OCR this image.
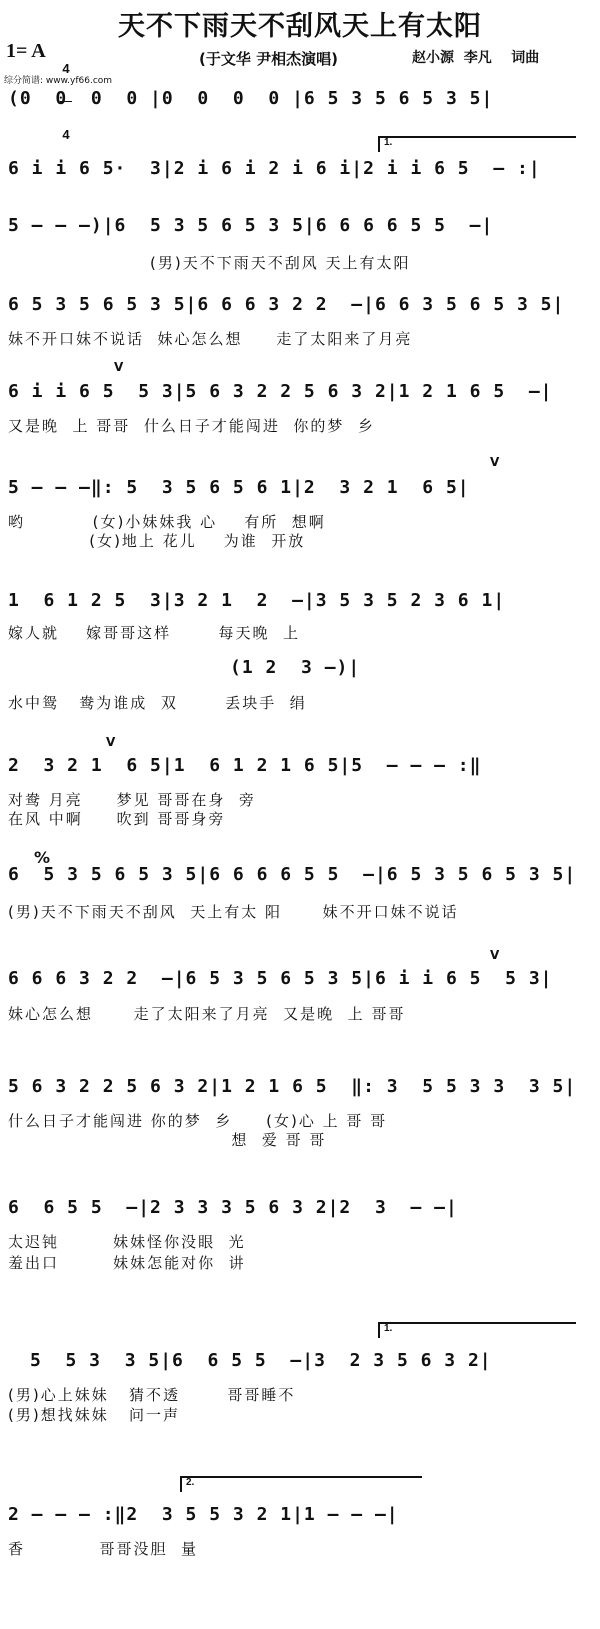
天不下雨天不刮风天上有太阳
1= A

4

4

(于文华 尹相杰演唱)	赵小源  李凡    词曲
综分简谱: www.yf66.com
(0  0  0  0 |0  0  0  0 |6 5 3 5 6 5 3 5|
6 i i 6 5·  3|2 i 6 i 2 i 6 i|2 i i 6 5  — :|
5 — — —)|6  5 3 5 6 5 3 5|6 6 6 6 5 5  —|
(男)天不下雨天不刮风 天上有太阳
6 5 3 5 6 5 3 5|6 6 6 3 2 2  —|6 6 3 5 6 5 3 5|
妹不开口妹不说话  妹心怎么想     走了太阳来了月亮
6 i i 6 5  5 3|5 6 3 2 2 5 6 3 2|1 2 1 6 5  —|
又是晚  上 哥哥  什么日子才能闯进  你的梦  乡
5 — — —‖: 5  3 5 6 5 6 1|2  3 2 1  6 5|
哟          (女)小妹妹我 心    有所  想啊
(女)地上 花儿    为谁  开放
1  6 1 2 5  3|3 2 1  2  —|3 5 3 5 2 3 6 1|
嫁人就    嫁哥哥这样       每天晚  上
(1 2  3 —)|
水中鸳   鸯为谁成  双       丢块手  绢
2  3 2 1  6 5|1  6 1 2 1 6 5|5  — — — :‖
对鸯 月亮     梦见 哥哥在身  旁
在风 中啊     吹到 哥哥身旁
%
6  5 3 5 6 5 3 5|6 6 6 6 5 5  —|6 5 3 5 6 5 3 5|
(男)天不下雨天不刮风  天上有太 阳      妹不开口妹不说话
6 6 6 3 2 2  —|6 5 3 5 6 5 3 5|6 i i 6 5  5 3|
妹心怎么想      走了太阳来了月亮  又是晚  上 哥哥
5 6 3 2 2 5 6 3 2|1 2 1 6 5  ‖: 3  5 5 3 3  3 5|
什么日子才能闯进 你的梦  乡     (女)心 上 哥 哥
想  爱 哥 哥
6  6 5 5  —|2 3 3 3 5 6 3 2|2  3  — —|
太迟钝        妹妹怪你没眼  光
羞出口        妹妹怎能对你  讲
5  5 3  3 5|6  6 5 5  —|3  2 3 5 6 3 2|
(男)心上妹妹   猜不透       哥哥睡不
(男)想找妹妹   问一声
2 — — — :‖2  3 5 5 3 2 1|1 — — —|
香           哥哥没胆  量
1.
1.
2.
V
V
V
V
